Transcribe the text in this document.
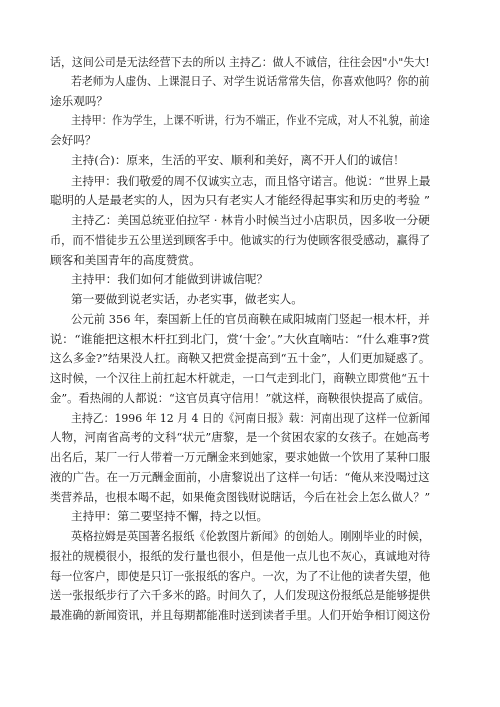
话，这间公司是无法经营下去的所以 主持乙：做人不诚信，往往会因"小"失大!
若老师为人虚伪、上课混日子、对学生说话常常失信，你喜欢他吗？你的前
途乐观吗？
主持甲：作为学生，上课不听讲，行为不端正，作业不完成，对人不礼貌，前途
会好吗？
主持(合)：原来，生活的平安、顺利和美好，离不开人们的诚信！
主持甲：我们敬爱的周不仅诚实立志，而且恪守诺言。他说：“世界上最
聪明的人是最老实的人，因为只有老实人才能经得起事实和历史的考验 ”
主持乙：美国总统亚伯拉罕 · 林肯小时候当过小店职员，因多收一分硬
币，而不惜徒步五公里送到顾客手中。他诚实的行为使顾客很受感动，赢得了
顾客和美国青年的高度赞赏。
主持甲：我们如何才能做到讲诚信呢？
第一要做到说老实话，办老实事，做老实人。
公元前 356 年，秦国新上任的官员商鞅在咸阳城南门竖起一根木杆，并
说：“谁能把这根木杆扛到北门，赏‘十金’。”大伙直嘀咕：“什么难事?赏
这么多金?”结果没人扛。商鞅又把赏金提高到“五十金”，人们更加疑惑了。
这时候，一个汉往上前扛起木杆就走，一口气走到北门，商鞅立即赏他“五十
金”。看热闹的人都说：“这官员真守信用！”就这样，商鞅很快提高了威信。
主持乙：1996 年 12 月 4 日的《河南日报》载：河南出现了这样一位新闻
人物，河南省高考的文科“状元”唐黎，是一个贫困农家的女孩子。在她高考
出名后，某厂一行人带着一万元酬金来到她家，要求她做一个饮用了某种口服
液的广告。在一万元酬金面前，小唐黎说出了这样一句话：“俺从来没喝过这
类营养品，也根本喝不起，如果俺贪图钱财说瞎话，今后在社会上怎么做人？”
主持甲：第二要坚持不懈，持之以恒。
英格拉姆是英国著名报纸《伦敦图片新闻》的创始人。刚刚毕业的时候，
报社的规模很小，报纸的发行量也很小，但是他一点儿也不灰心，真诚地对待
每一位客户，即使是只订一张报纸的客户。一次，为了不让他的读者失望，他
送一张报纸步行了六千多米的路。时间久了，人们发现这份报纸总是能够提供
最准确的新闻资讯，并且每期都能准时送到读者手里。人们开始争相订阅这份
